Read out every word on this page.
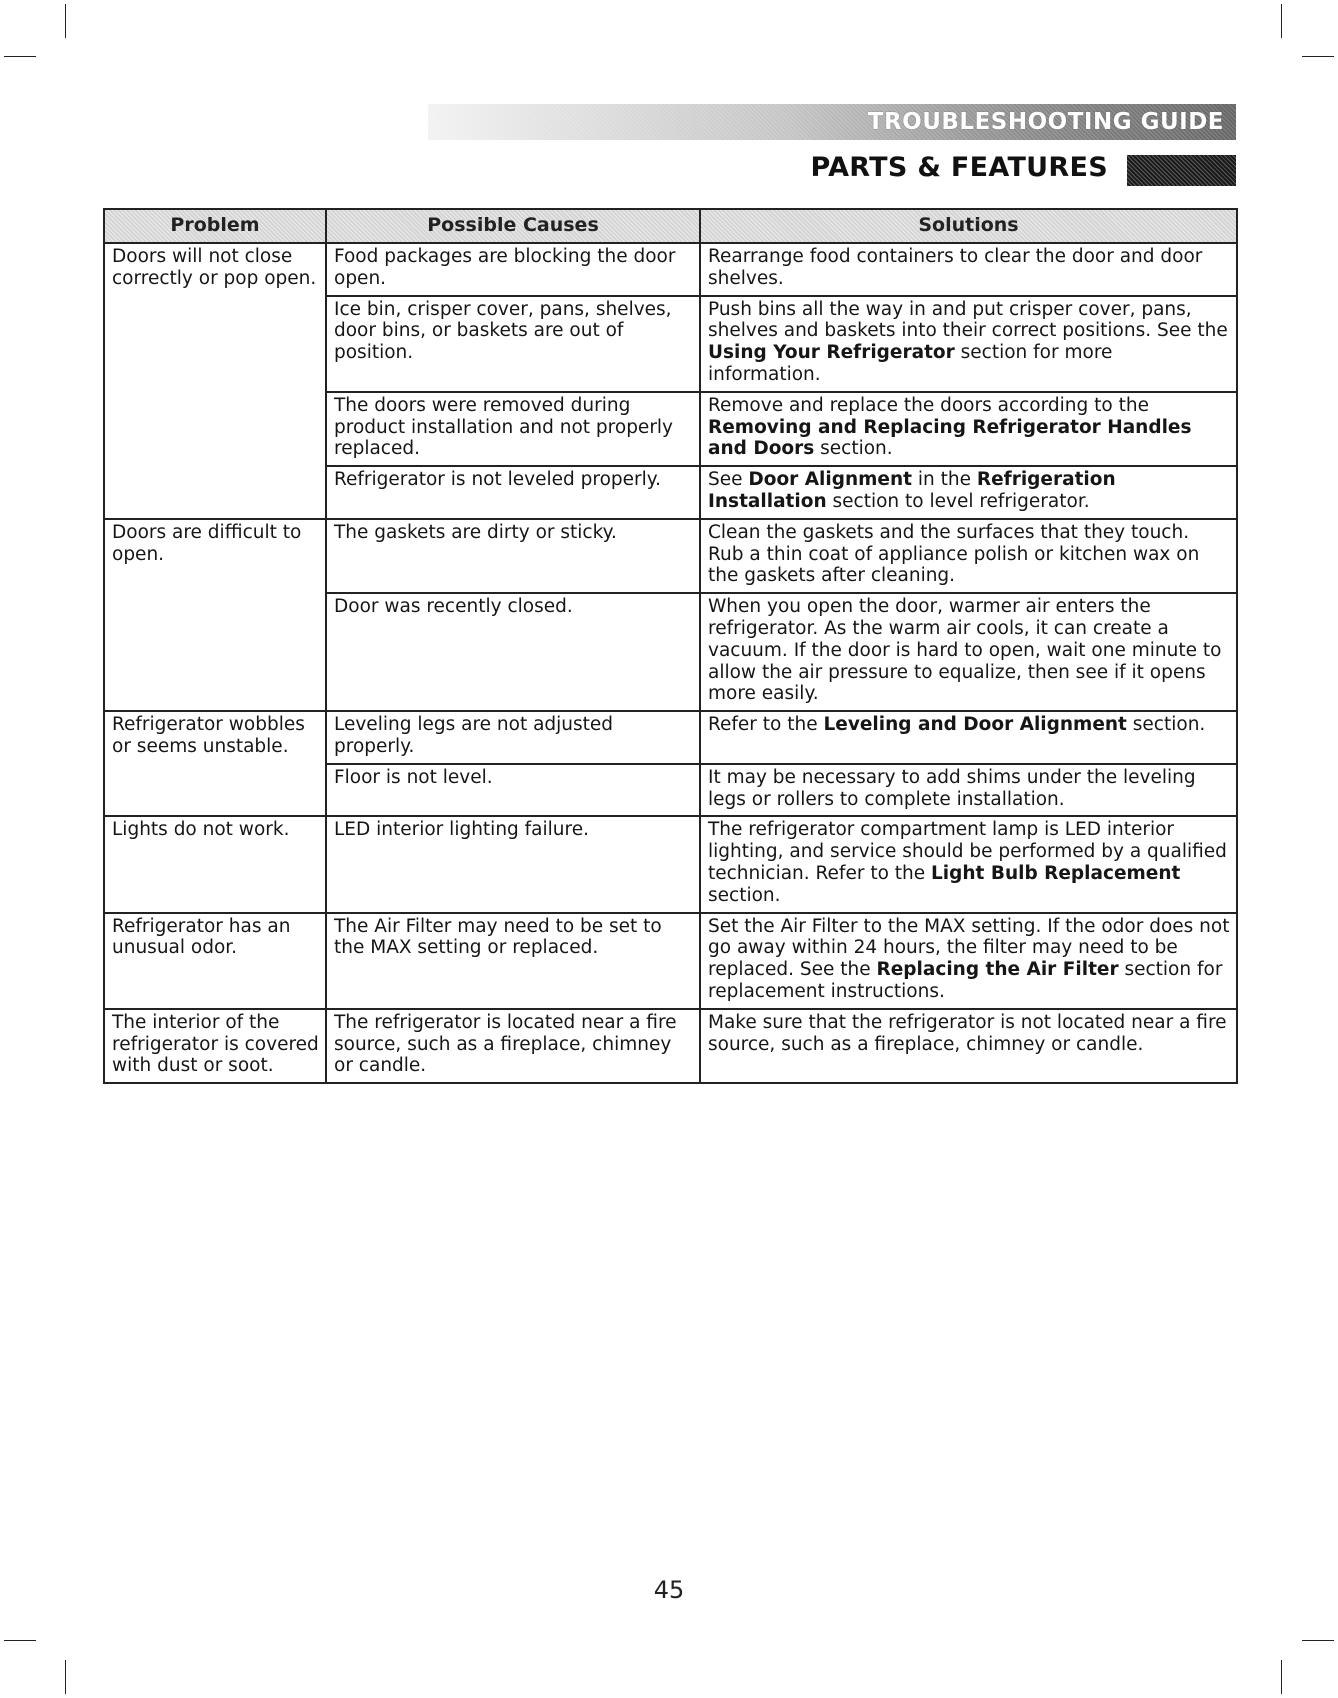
TROUBLESHOOTING GUIDE
PARTS & FEATURES
Problem	Possible Causes	Solutions
Doors will not close correctly or pop open.	Food packages are blocking the door open.	Rearrange food containers to clear the door and door shelves.
	Ice bin, crisper cover, pans, shelves, door bins, or baskets are out of position.	Push bins all the way in and put crisper cover, pans, shelves and baskets into their correct positions. See the Using Your Refrigerator section for more information.
	The doors were removed during product installation and not properly replaced.	Remove and replace the doors according to the Removing and Replacing Refrigerator Handles and Doors section.
	Refrigerator is not leveled properly.	See Door Alignment in the Refrigeration Installation section to level refrigerator.
Doors are difficult to open.	The gaskets are dirty or sticky.	Clean the gaskets and the surfaces that they touch. Rub a thin coat of appliance polish or kitchen wax on the gaskets after cleaning.
	Door was recently closed.	When you open the door, warmer air enters the refrigerator. As the warm air cools, it can create a vacuum. If the door is hard to open, wait one minute to allow the air pressure to equalize, then see if it opens more easily.
Refrigerator wobbles or seems unstable.	Leveling legs are not adjusted properly.	Refer to the Leveling and Door Alignment section.
	Floor is not level.	It may be necessary to add shims under the leveling legs or rollers to complete installation.
Lights do not work.	LED interior lighting failure.	The refrigerator compartment lamp is LED interior lighting, and service should be performed by a qualified technician. Refer to the Light Bulb Replacement section.
Refrigerator has an unusual odor.	The Air Filter may need to be set to the MAX setting or replaced.	Set the Air Filter to the MAX setting. If the odor does not go away within 24 hours, the filter may need to be replaced. See the Replacing the Air Filter section for replacement instructions.
The interior of the refrigerator is covered with dust or soot.	The refrigerator is located near a fire source, such as a fireplace, chimney or candle.	Make sure that the refrigerator is not located near a fire source, such as a fireplace, chimney or candle.
45
